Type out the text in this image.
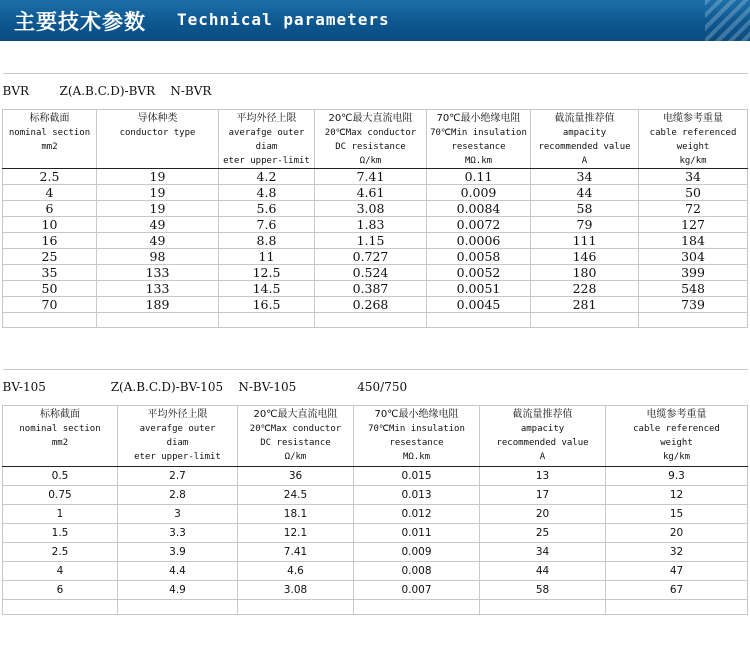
主要技术参数 Technical parameters
BVR        Z(A.B.C.D)-BVR    N-BVR						

标称截面
nominal section
mm2	导体种类
conductor type	平均外径上限
averafge outer
diam
eter upper-limit	20℃最大直流电阻
20℃Max conductor
DC resistance
Ω/km	70℃最小绝缘电阻
70℃Min insulation
resestance
MΩ.km	截流量推荐值
ampacity
recommended value
A	电缆参考重量
cable referenced
weight
kg/km

2.5	19	4.2	7.41	0.11	34	34
4	19	4.8	4.61	0.009	44	50
6	19	5.6	3.08	0.0084	58	72
10	49	7.6	1.83	0.0072	79	127
16	49	8.8	1.15	0.0006	111	184
25	98	11	0.727	0.0058	146	304
35	133	12.5	0.524	0.0052	180	399
50	133	14.5	0.387	0.0051	228	548
70	189	16.5	0.268	0.0045	281	739

BV-105                 Z(A.B.C.D)-BV-105    N-BV-105                450/750					

标称截面
nominal section
mm2	平均外径上限
averafge outer
diam
eter upper-limit	20℃最大直流电阻
20℃Max conductor
DC resistance
Ω/km	70℃最小绝缘电阻
70℃Min insulation
resestance
MΩ.km	截流量推荐值
ampacity
recommended value
A	电缆参考重量
cable referenced
weight
kg/km

0.5	2.7	36	0.015	13	9.3
0.75	2.8	24.5	0.013	17	12
1	3	18.1	0.012	20	15
1.5	3.3	12.1	0.011	25	20
2.5	3.9	7.41	0.009	34	32
4	4.4	4.6	0.008	44	47
6	4.9	3.08	0.007	58	67
